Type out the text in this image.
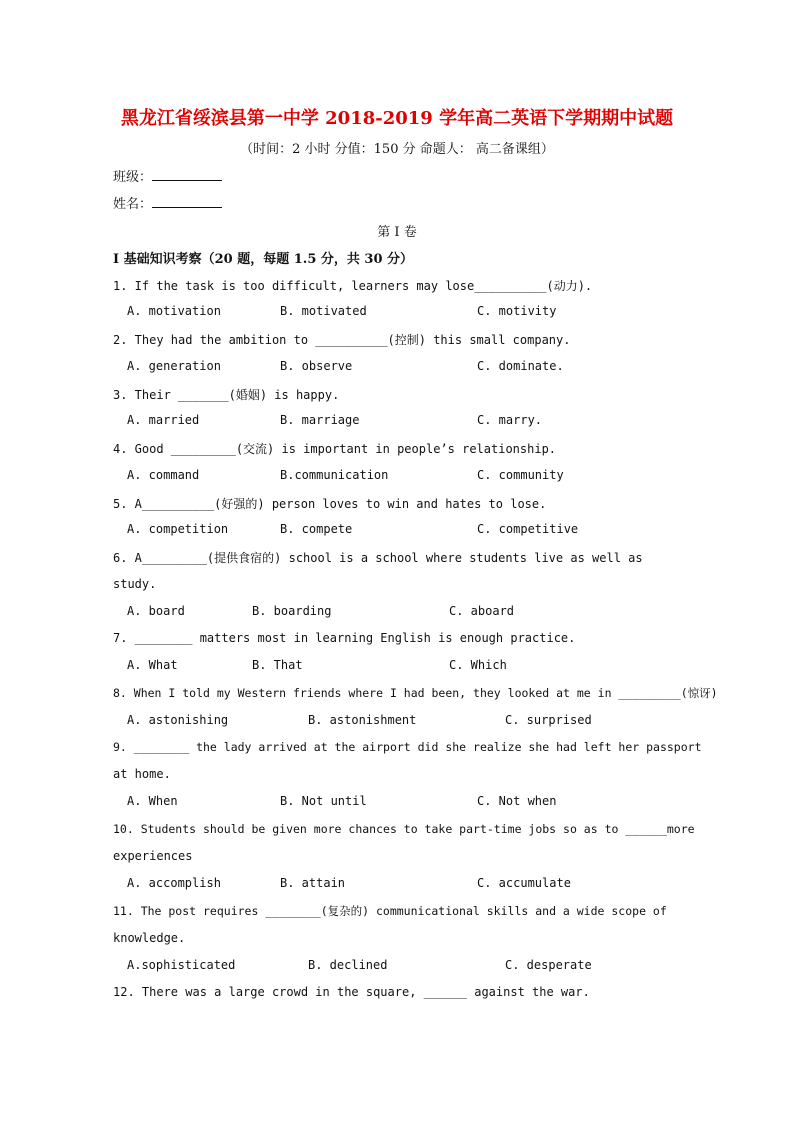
黑龙江省绥滨县第一中学 2018-2019 学年高二英语下学期期中试题
（时间：2 小时 分值：150 分 命题人： 高二备课组）
班级：
姓名：
第 I 卷
I 基础知识考察（20 题，每题 1.5 分，共 30 分）
1. If the task is too difficult, learners may lose__________(动力).
A. motivation	B. motivated	C. motivity
2. They had the ambition to __________(控制) this small company.
A. generation	B. observe	C. dominate.
3. Their _______(婚姻) is happy.
A. married	B. marriage	C. marry.
4. Good _________(交流) is important in people’s relationship.
A. command	B.communication	C. community
5. A__________(好强的) person loves to win and hates to lose.
A. competition	B. compete	C. competitive
6. A_________(提供食宿的) school is a school where students live as well as
study.
A. board	B. boarding	C. aboard
7. ________ matters most in learning English is enough practice.
A. What	B. That	C. Which
8. When I told my Western friends where I had been, they looked at me in _________(惊讶)
A. astonishing	B. astonishment	C. surprised
9. ________ the lady arrived at the airport did she realize she had left her passport
at home.
A. When	B. Not until	C. Not when
10. Students should be given more chances to take part-time jobs so as to ______more
experiences
A. accomplish	B. attain	C. accumulate
11. The post requires ________(复杂的) communicational skills and a wide scope of
knowledge.
A.sophisticated	B. declined	C. desperate
12. There was a large crowd in the square, ______ against the war.
